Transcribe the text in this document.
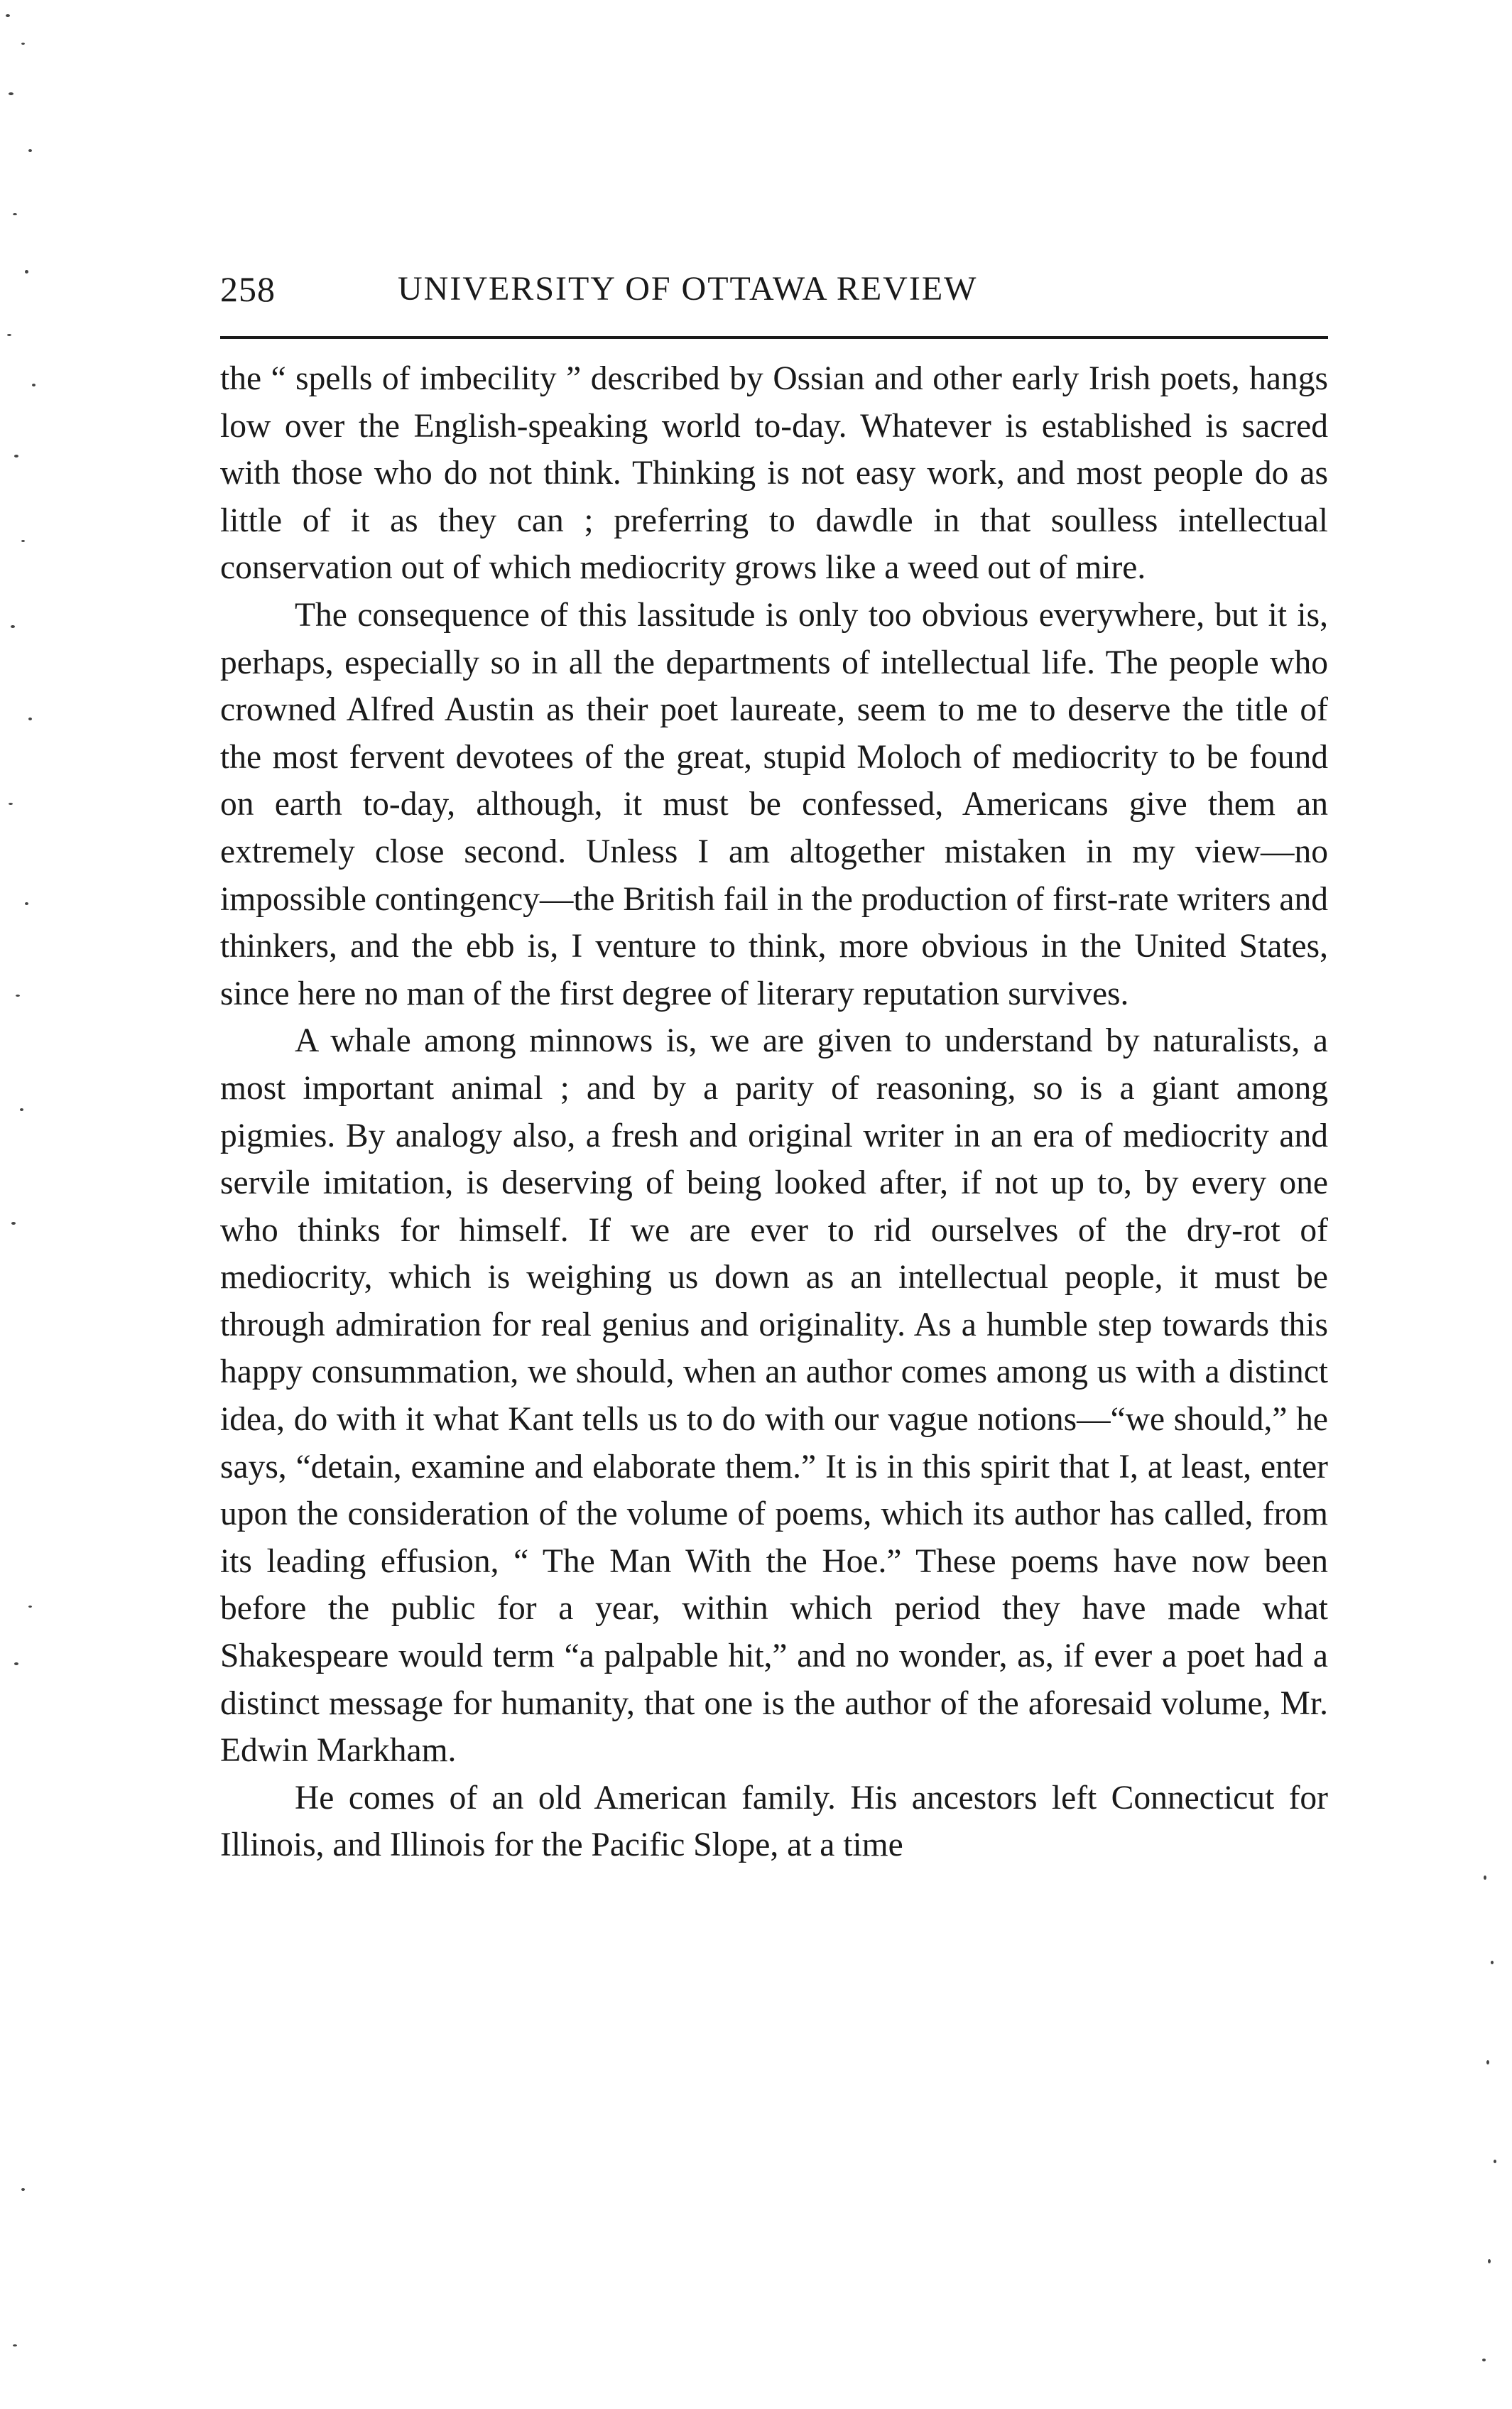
258	UNIVERSITY OF OTTAWA REVIEW

the “ spells of imbecility ” described by Ossian and other early Irish poets, hangs low over the English-speaking world to-day. Whatever is established is sacred with those who do not think. Thinking is not easy work, and most people do as little of it as they can ; preferring to dawdle in that soulless intellectual conservation out of which mediocrity grows like a weed out of mire.

The consequence of this lassitude is only too obvious everywhere, but it is, perhaps, especially so in all the departments of intellectual life. The people who crowned Alfred Austin as their poet laureate, seem to me to deserve the title of the most fervent devotees of the great, stupid Moloch of mediocrity to be found on earth to-day, although, it must be confessed, Americans give them an extremely close second. Unless I am altogether mistaken in my view—no impossible contingency—the British fail in the production of first-rate writers and thinkers, and the ebb is, I venture to think, more obvious in the United States, since here no man of the first degree of literary reputation survives.

A whale among minnows is, we are given to understand by naturalists, a most important animal ; and by a parity of reasoning, so is a giant among pigmies. By analogy also, a fresh and original writer in an era of mediocrity and servile imitation, is deserving of being looked after, if not up to, by every one who thinks for himself. If we are ever to rid ourselves of the dry-rot of mediocrity, which is weighing us down as an intellectual people, it must be through admiration for real genius and originality. As a humble step towards this happy consummation, we should, when an author comes among us with a distinct idea, do with it what Kant tells us to do with our vague notions—“we should,” he says, “detain, examine and elaborate them.” It is in this spirit that I, at least, enter upon the consideration of the volume of poems, which its author has called, from its leading effusion, “ The Man With the Hoe.” These poems have now been before the public for a year, within which period they have made what Shakespeare would term “a palpable hit,” and no wonder, as, if ever a poet had a distinct message for humanity, that one is the author of the aforesaid volume, Mr. Edwin Markham.

He comes of an old American family. His ancestors left Connecticut for Illinois, and Illinois for the Pacific Slope, at a time
